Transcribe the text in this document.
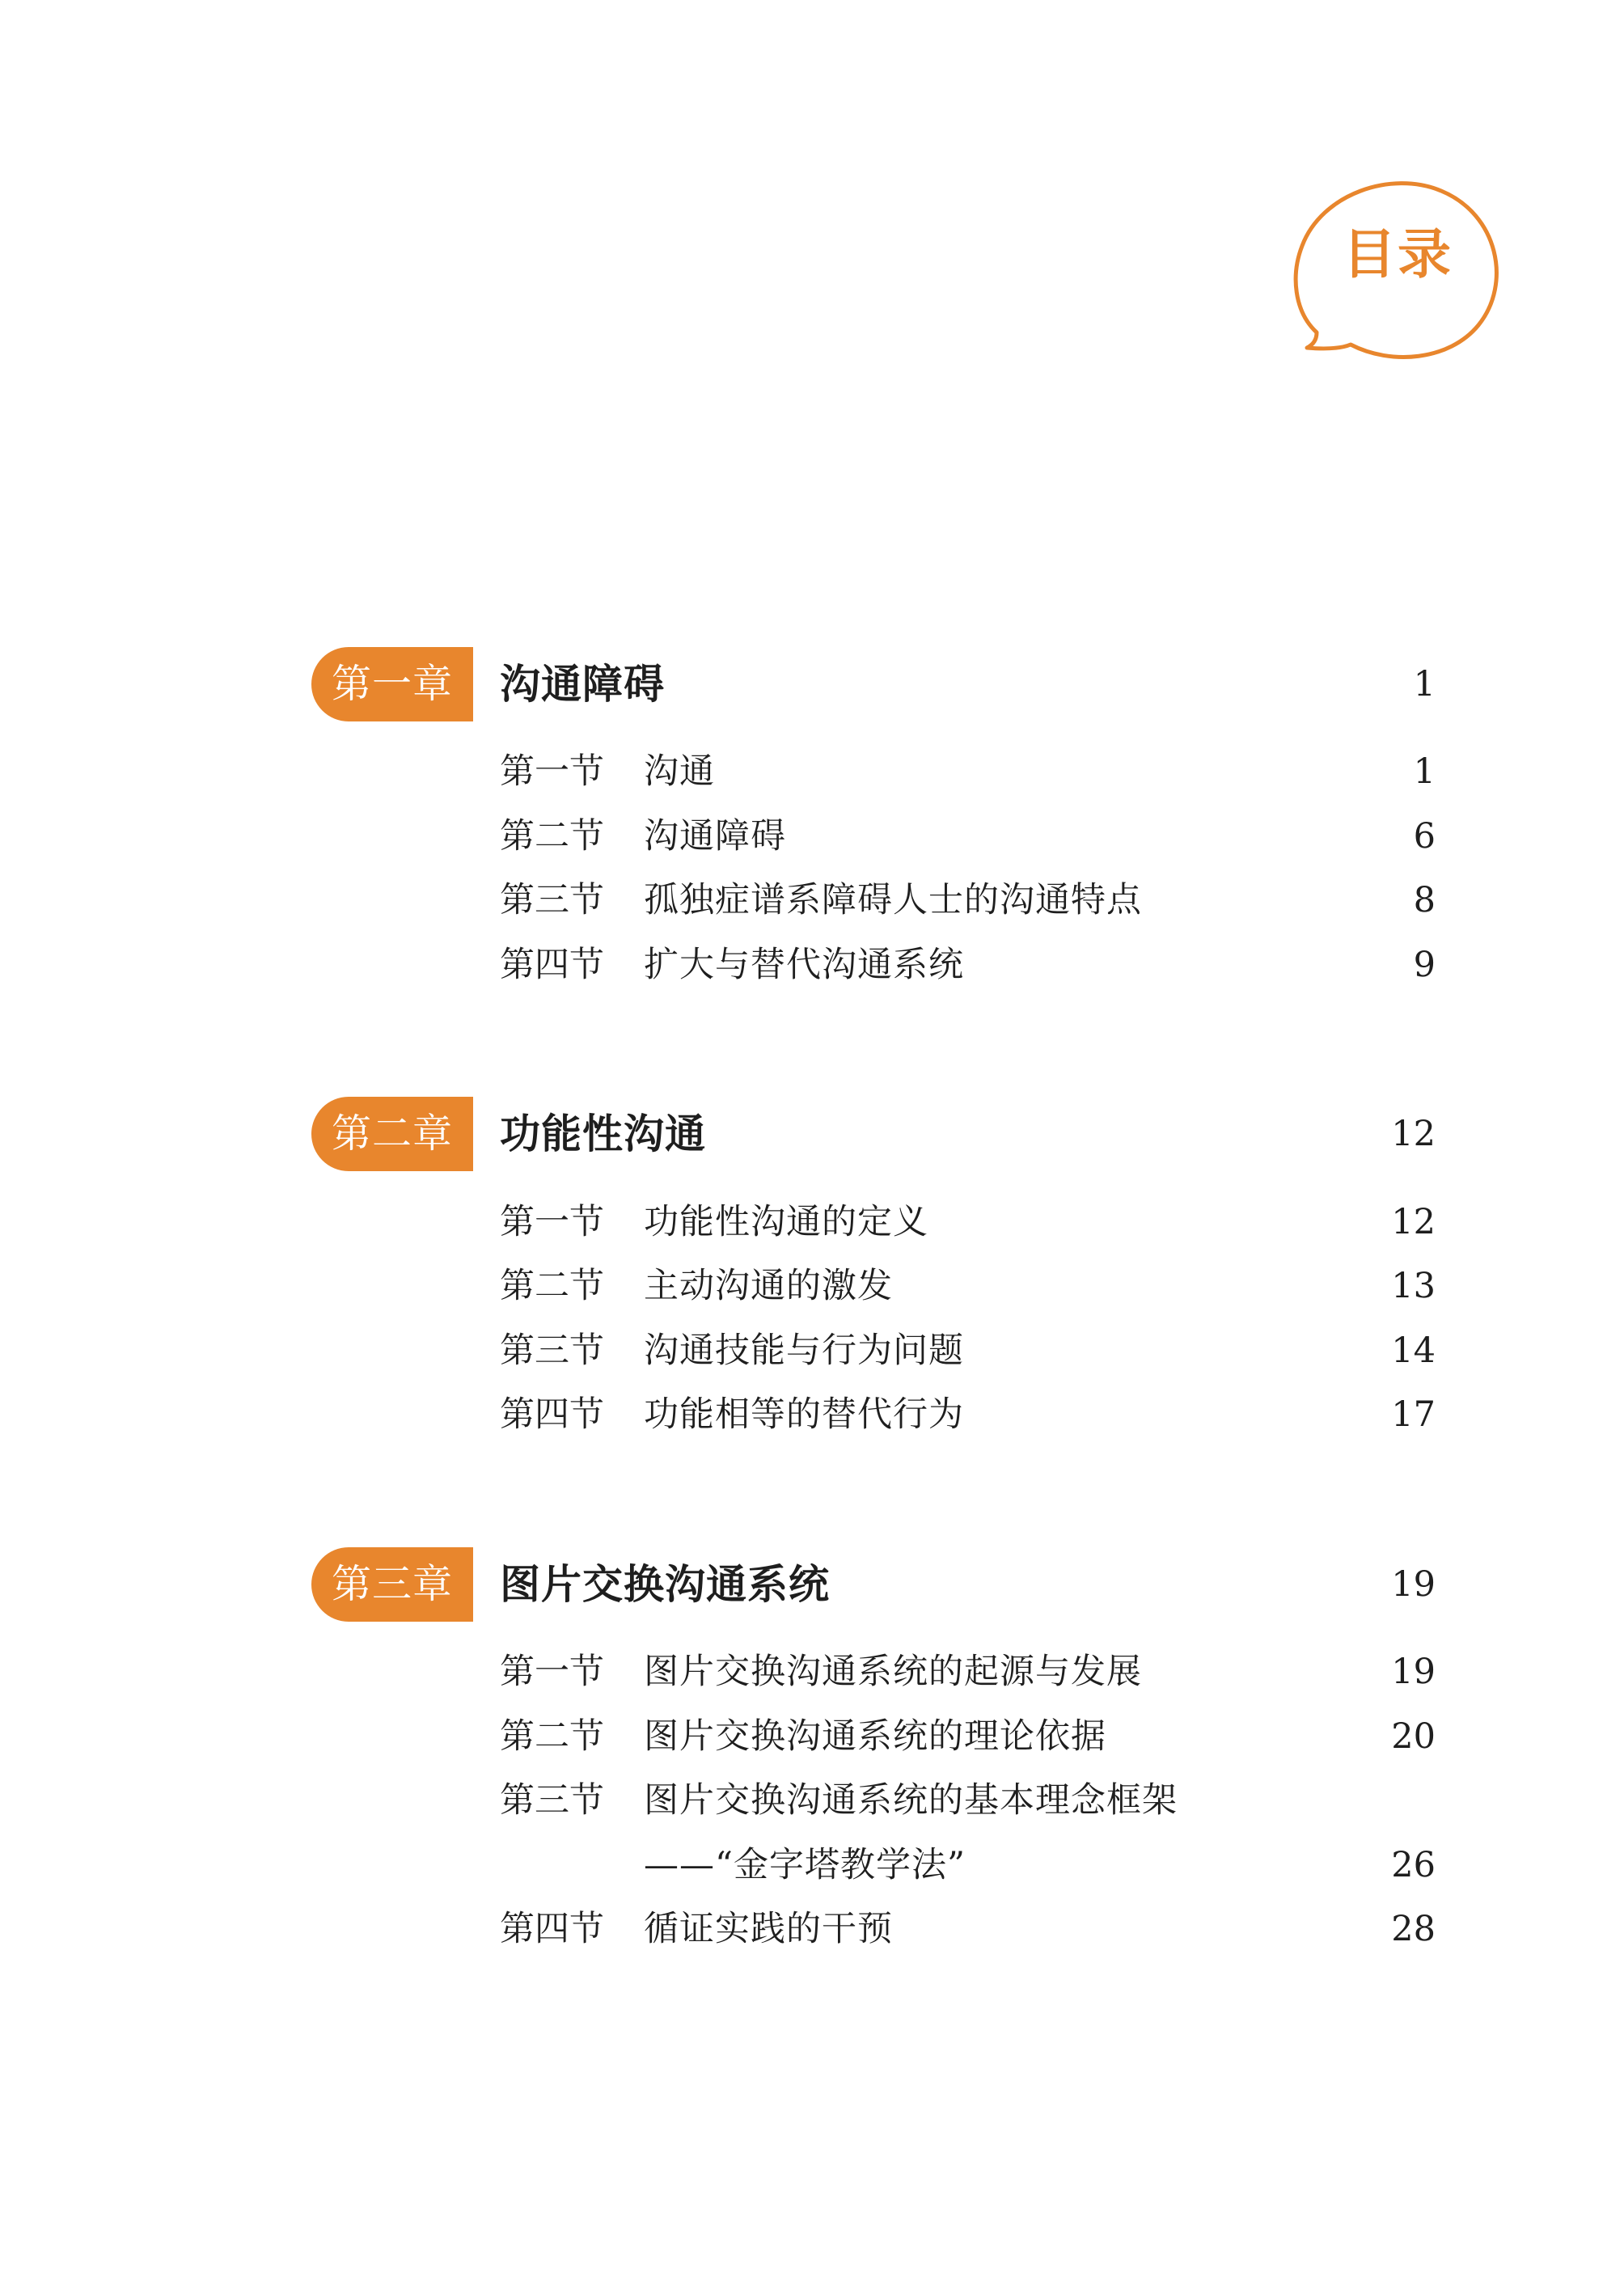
目录
第一章	沟通障碍	1
第一节 沟通	1
第二节 沟通障碍	6
第三节 孤独症谱系障碍人士的沟通特点	8
第四节 扩大与替代沟通系统	9
第二章	功能性沟通	12
第一节 功能性沟通的定义	12
第二节 主动沟通的激发	13
第三节 沟通技能与行为问题	14
第四节 功能相等的替代行为	17
第三章	图片交换沟通系统	19
第一节 图片交换沟通系统的起源与发展	19
第二节 图片交换沟通系统的理论依据	20
第三节 图片交换沟通系统的基本理念框架
——“金字塔教学法”	26
第四节 循证实践的干预	28
